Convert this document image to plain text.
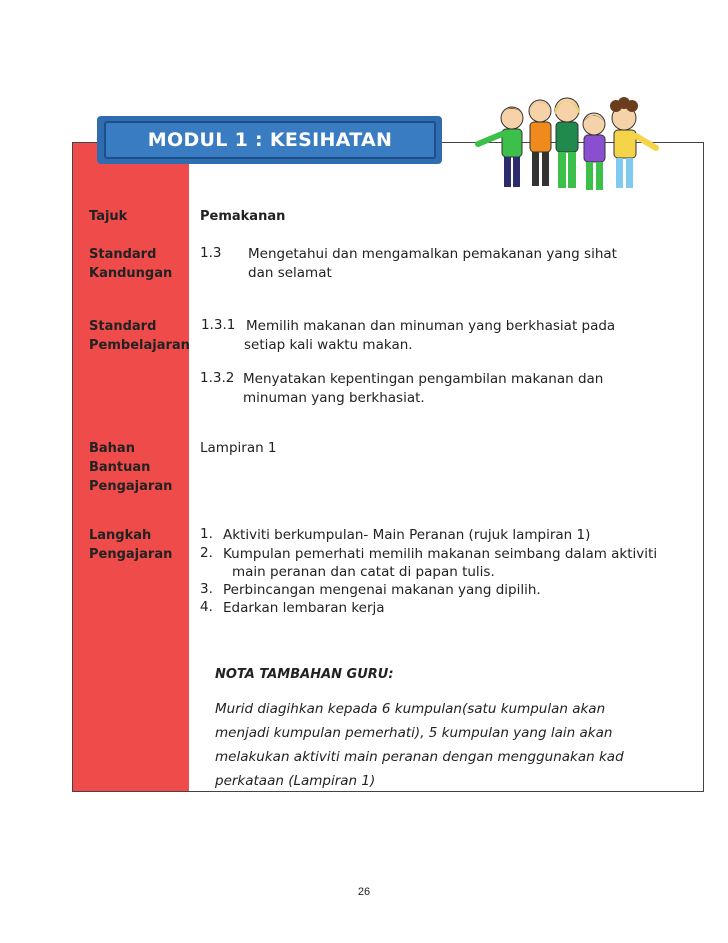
MODUL 1 : KESIHATAN FIZIKAL
Tajuk	Pemakanan
Standard
Kandungan
1.3 Mengetahui dan mengamalkan pemakanan yang sihat
dan selamat
Standard
Pembelajaran
1.3.1 Memilih makanan dan minuman yang berkhasiat pada
setiap kali waktu makan.
1.3.2 Menyatakan kepentingan pengambilan makanan dan
minuman yang berkhasiat.
Bahan
Bantuan
Pengajaran
Lampiran 1
Langkah
Pengajaran
1. Aktiviti berkumpulan- Main Peranan (rujuk lampiran 1)
2. Kumpulan pemerhati memilih makanan seimbang dalam aktiviti
main peranan dan catat di papan tulis.
3. Perbincangan mengenai makanan yang dipilih.
4. Edarkan lembaran kerja
NOTA TAMBAHAN GURU:
Murid diagihkan kepada 6 kumpulan(satu kumpulan akan
menjadi kumpulan pemerhati), 5 kumpulan yang lain akan
melakukan aktiviti main peranan dengan menggunakan kad
perkataan (Lampiran 1)
26
